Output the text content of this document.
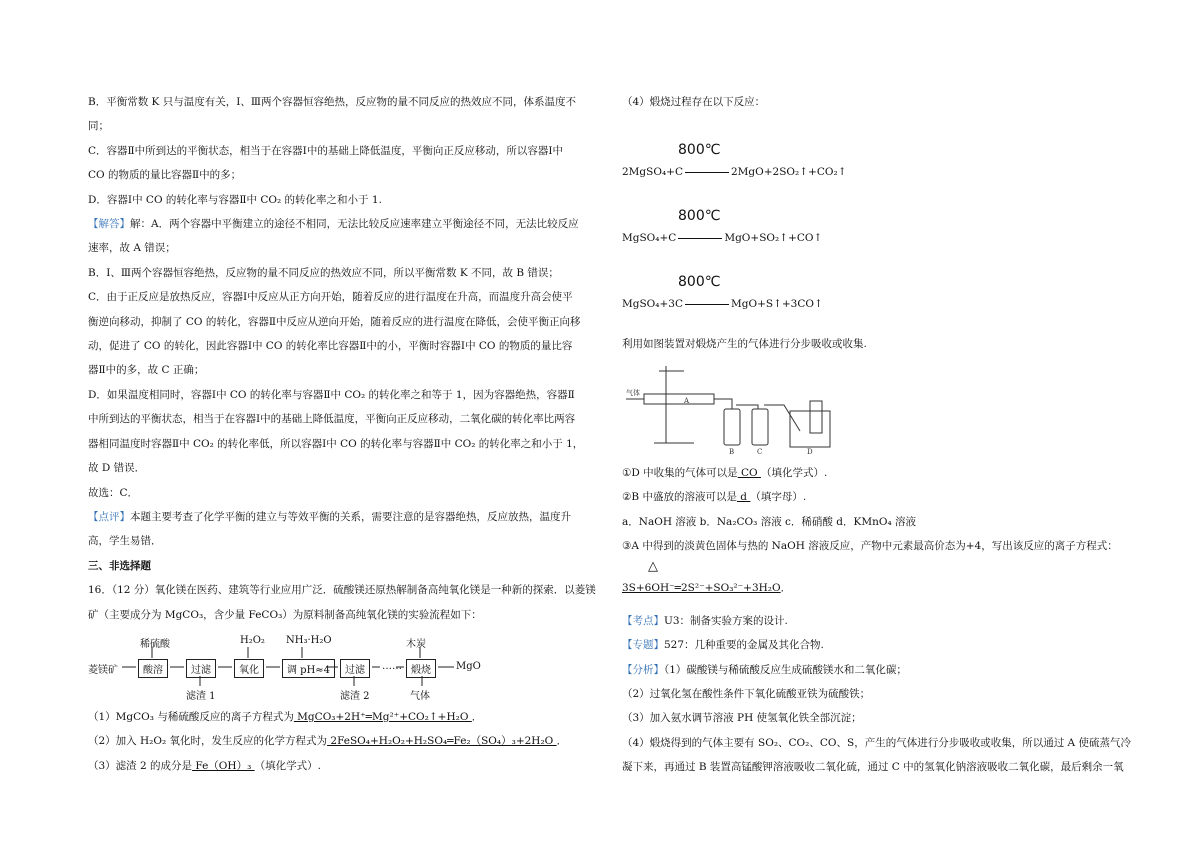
B．平衡常数 K 只与温度有关，Ⅰ、Ⅲ两个容器恒容绝热，反应物的量不同反应的热效应不同，体系温度不

同；

C．容器Ⅱ中所到达的平衡状态，相当于在容器Ⅰ中的基础上降低温度，平衡向正反应移动，所以容器Ⅰ中

CO 的物质的量比容器Ⅱ中的多；

D．容器Ⅰ中 CO 的转化率与容器Ⅱ中 CO₂ 的转化率之和小于 1.

【解答】解：A．两个容器中平衡建立的途径不相同，无法比较反应速率建立平衡途径不同，无法比较反应

速率，故 A 错误；

B．Ⅰ、Ⅲ两个容器恒容绝热，反应物的量不同反应的热效应不同，所以平衡常数 K 不同，故 B 错误；

C．由于正反应是放热反应，容器Ⅰ中反应从正方向开始，随着反应的进行温度在升高，而温度升高会使平

衡逆向移动，抑制了 CO 的转化，容器Ⅱ中反应从逆向开始，随着反应的进行温度在降低，会使平衡正向移

动，促进了 CO 的转化，因此容器Ⅰ中 CO 的转化率比容器Ⅱ中的小，平衡时容器Ⅰ中 CO 的物质的量比容

器Ⅱ中的多，故 C 正确；

D．如果温度相同时，容器Ⅰ中 CO 的转化率与容器Ⅱ中 CO₂ 的转化率之和等于 1，因为容器绝热，容器Ⅱ

中所到达的平衡状态，相当于在容器Ⅰ中的基础上降低温度，平衡向正反应移动，二氧化碳的转化率比两容

器相同温度时容器Ⅱ中 CO₂ 的转化率低，所以容器Ⅰ中 CO 的转化率与容器Ⅱ中 CO₂ 的转化率之和小于 1，

故 D 错误．

故选：C．

【点评】本题主要考查了化学平衡的建立与等效平衡的关系，需要注意的是容器绝热，反应放热，温度升

高，学生易错．

三、非选择题

16．（12 分）氧化镁在医药、建筑等行业应用广泛．硫酸镁还原热解制备高纯氧化镁是一种新的探索．以菱镁

矿（主要成分为 MgCO₃，含少量 FeCO₃）为原料制备高纯氧化镁的实验流程如下：

菱镁矿
稀硫酸	H₂O₂ NH₃·H₂O	木炭
酸溶	过滤	氧化	调 pH≈4	过滤	…… 煅烧	MgO
滤渣 1	滤渣 2	气体

（1）MgCO₃ 与稀硫酸反应的离子方程式为 MgCO₃+2H⁺═Mg²⁺+CO₂↑+H₂O ．

（2）加入 H₂O₂ 氧化时，发生反应的化学方程式为 2FeSO₄+H₂O₂+H₂SO₄═Fe₂（SO₄）₃+2H₂O ．

（3）滤渣 2 的成分是 Fe（OH）₃ （填化学式）.

（4）煅烧过程存在以下反应：

800℃
2MgSO₄+C	2MgO+2SO₂↑+CO₂↑
800℃
MgSO₄+C	MgO+SO₂↑+CO↑
800℃
MgSO₄+3C	MgO+S↑+3CO↑

利用如图装置对煅烧产生的气体进行分步吸收或收集.

气体
A
B	C	D

①D 中收集的气体可以是 CO （填化学式）.

②B 中盛放的溶液可以是 d （填字母）.

a．NaOH 溶液 b．Na₂CO₃ 溶液 c．稀硝酸 d．KMnO₄ 溶液

③A 中得到的淡黄色固体与热的 NaOH 溶液反应，产物中元素最高价态为+4，写出该反应的离子方程式：

△

3S+6OH⁻═2S²⁻+SO₃²⁻+3H₂O．

【考点】U3：制备实验方案的设计.

【专题】527：几种重要的金属及其化合物.

【分析】（1）碳酸镁与稀硫酸反应生成硫酸镁水和二氧化碳；

（2）过氧化氢在酸性条件下氧化硫酸亚铁为硫酸铁；

（3）加入氨水调节溶液 PH 使氢氧化铁全部沉淀；

（4）煅烧得到的气体主要有 SO₂、CO₂、CO、S，产生的气体进行分步吸收或收集，所以通过 A 使硫蒸气冷

凝下来，再通过 B 装置高锰酸钾溶液吸收二氧化硫，通过 C 中的氢氧化钠溶液吸收二氧化碳，最后剩余一氧
